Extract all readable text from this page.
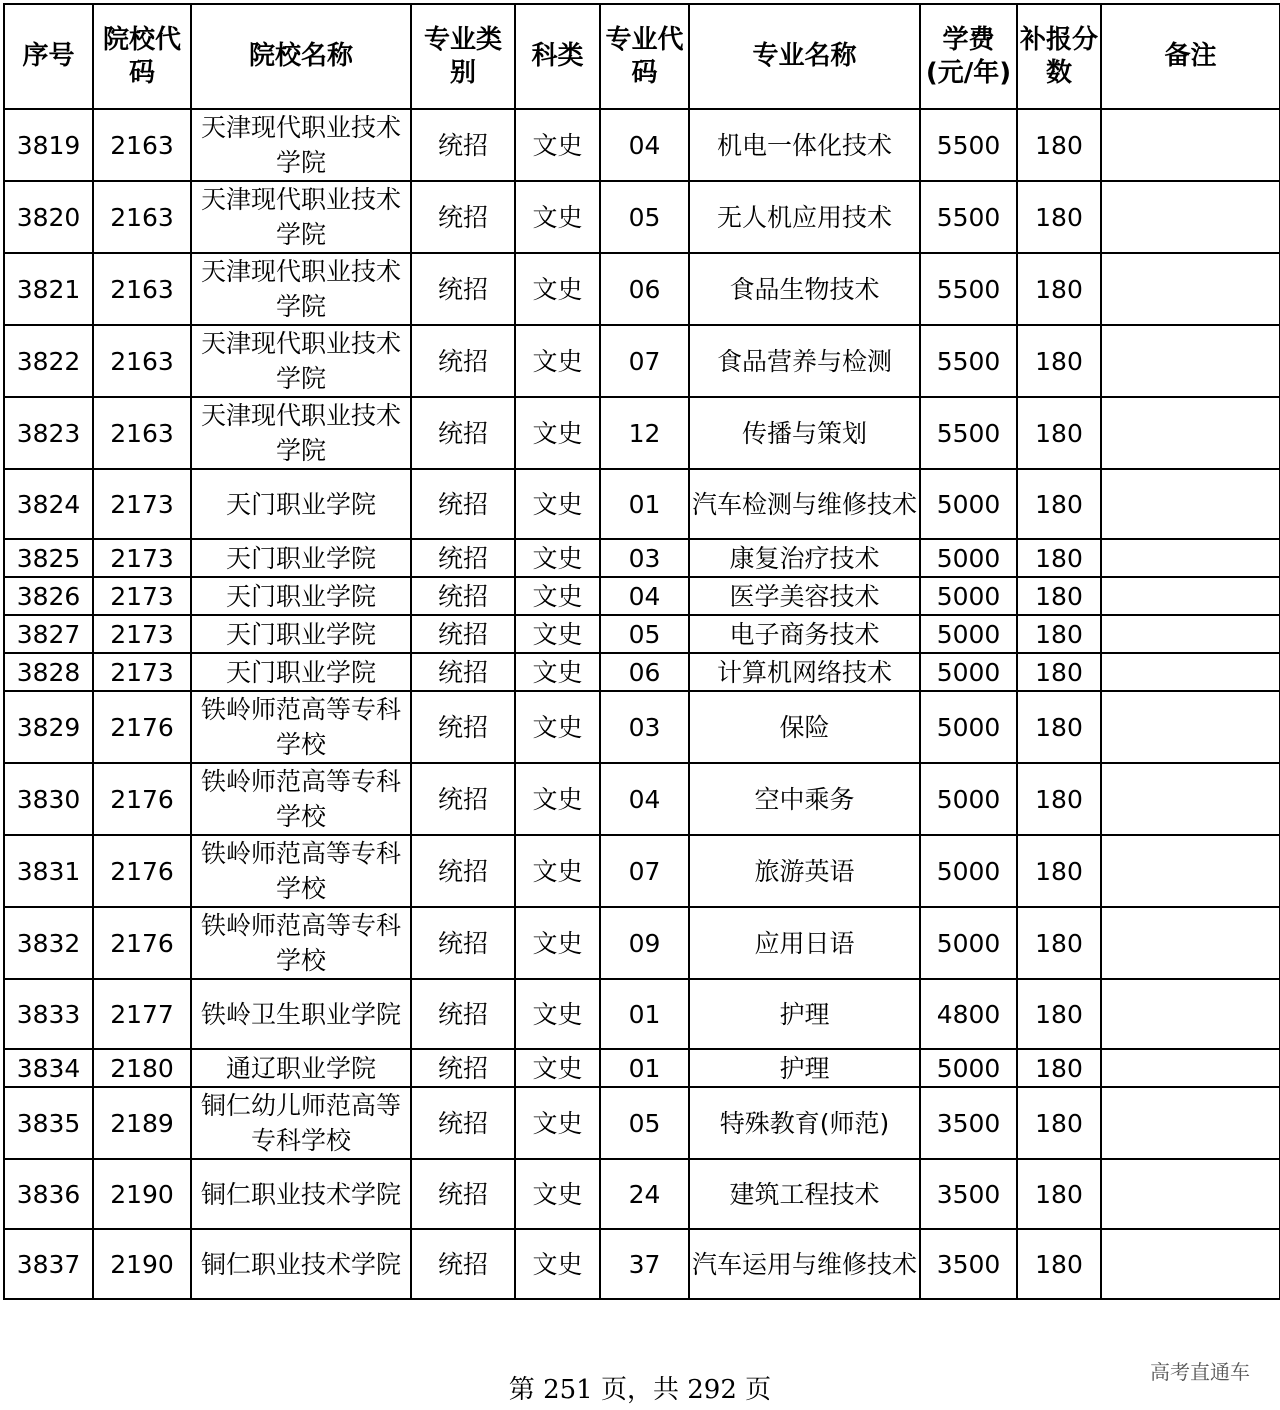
序号	院校代码	院校名称	专业类别	科类	专业代码	专业名称	学费(元/年)	补报分数	备注
3819	2163	天津现代职业技术学院	统招	文史	04	机电一体化技术	5500	180	
3820	2163	天津现代职业技术学院	统招	文史	05	无人机应用技术	5500	180	
3821	2163	天津现代职业技术学院	统招	文史	06	食品生物技术	5500	180	
3822	2163	天津现代职业技术学院	统招	文史	07	食品营养与检测	5500	180	
3823	2163	天津现代职业技术学院	统招	文史	12	传播与策划	5500	180	
3824	2173	天门职业学院	统招	文史	01	汽车检测与维修技术	5000	180	
3825	2173	天门职业学院	统招	文史	03	康复治疗技术	5000	180	
3826	2173	天门职业学院	统招	文史	04	医学美容技术	5000	180	
3827	2173	天门职业学院	统招	文史	05	电子商务技术	5000	180	
3828	2173	天门职业学院	统招	文史	06	计算机网络技术	5000	180	
3829	2176	铁岭师范高等专科学校	统招	文史	03	保险	5000	180	
3830	2176	铁岭师范高等专科学校	统招	文史	04	空中乘务	5000	180	
3831	2176	铁岭师范高等专科学校	统招	文史	07	旅游英语	5000	180	
3832	2176	铁岭师范高等专科学校	统招	文史	09	应用日语	5000	180	
3833	2177	铁岭卫生职业学院	统招	文史	01	护理	4800	180	
3834	2180	通辽职业学院	统招	文史	01	护理	5000	180	
3835	2189	铜仁幼儿师范高等专科学校	统招	文史	05	特殊教育(师范)	3500	180	
3836	2190	铜仁职业技术学院	统招	文史	24	建筑工程技术	3500	180	
3837	2190	铜仁职业技术学院	统招	文史	37	汽车运用与维修技术	3500	180	
第 251 页，共 292 页
高考直通车
